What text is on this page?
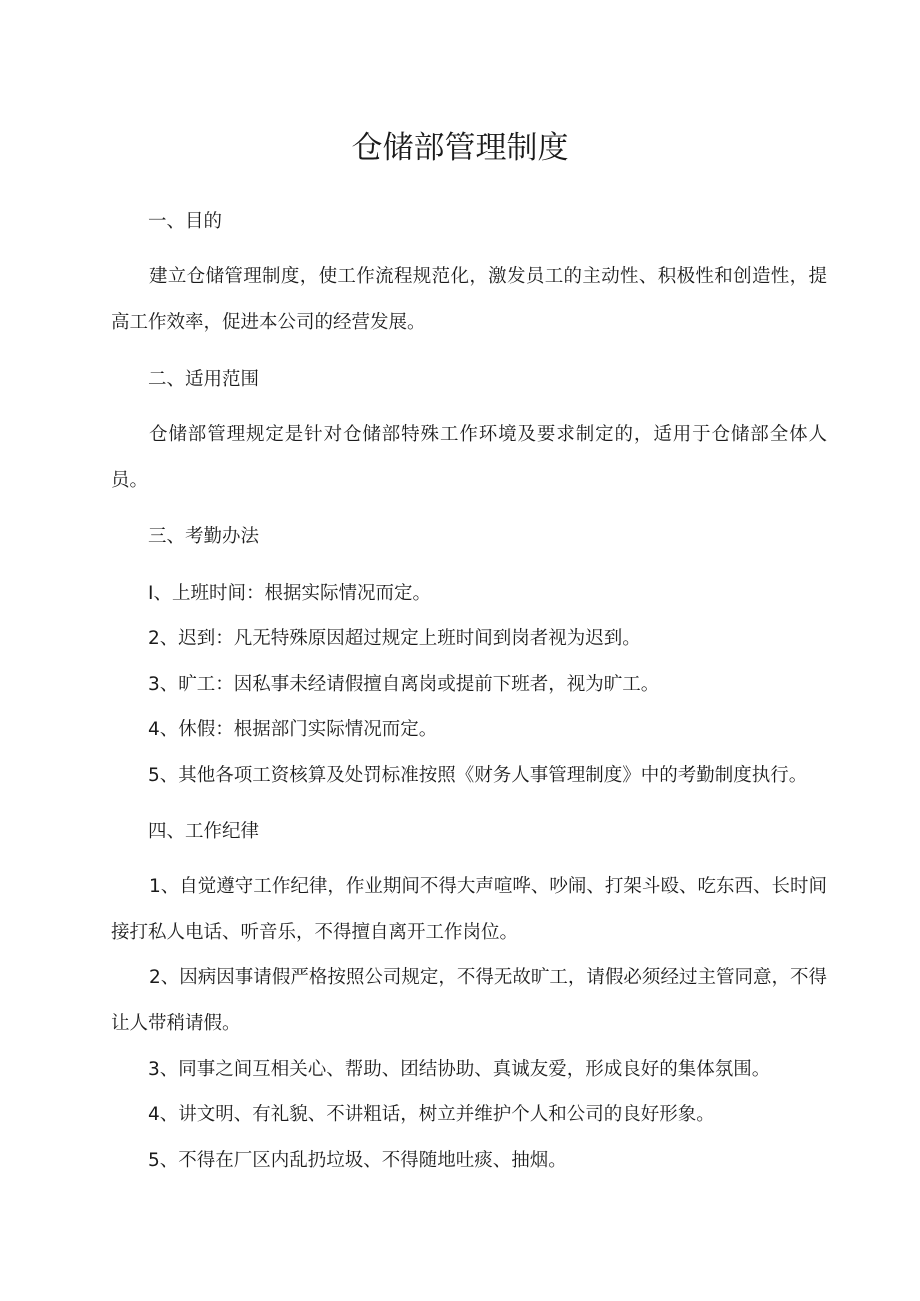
仓储部管理制度
一、目的
建立仓储管理制度，使工作流程规范化，激发员工的主动性、积极性和创造性，提高工作效率，促进本公司的经营发展。
二、适用范围
仓储部管理规定是针对仓储部特殊工作环境及要求制定的，适用于仓储部全体人员。
三、考勤办法
I、上班时间：根据实际情况而定。
2、迟到：凡无特殊原因超过规定上班时间到岗者视为迟到。
3、旷工：因私事未经请假擅自离岗或提前下班者，视为旷工。
4、休假：根据部门实际情况而定。
5、其他各项工资核算及处罚标准按照《财务人事管理制度》中的考勤制度执行。
四、工作纪律
1、自觉遵守工作纪律，作业期间不得大声喧哗、吵闹、打架斗殴、吃东西、长时间接打私人电话、听音乐，不得擅自离开工作岗位。
2、因病因事请假严格按照公司规定，不得无故旷工，请假必须经过主管同意，不得让人带稍请假。
3、同事之间互相关心、帮助、团结协助、真诚友爱，形成良好的集体氛围。
4、讲文明、有礼貌、不讲粗话，树立并维护个人和公司的良好形象。
5、不得在厂区内乱扔垃圾、不得随地吐痰、抽烟。
